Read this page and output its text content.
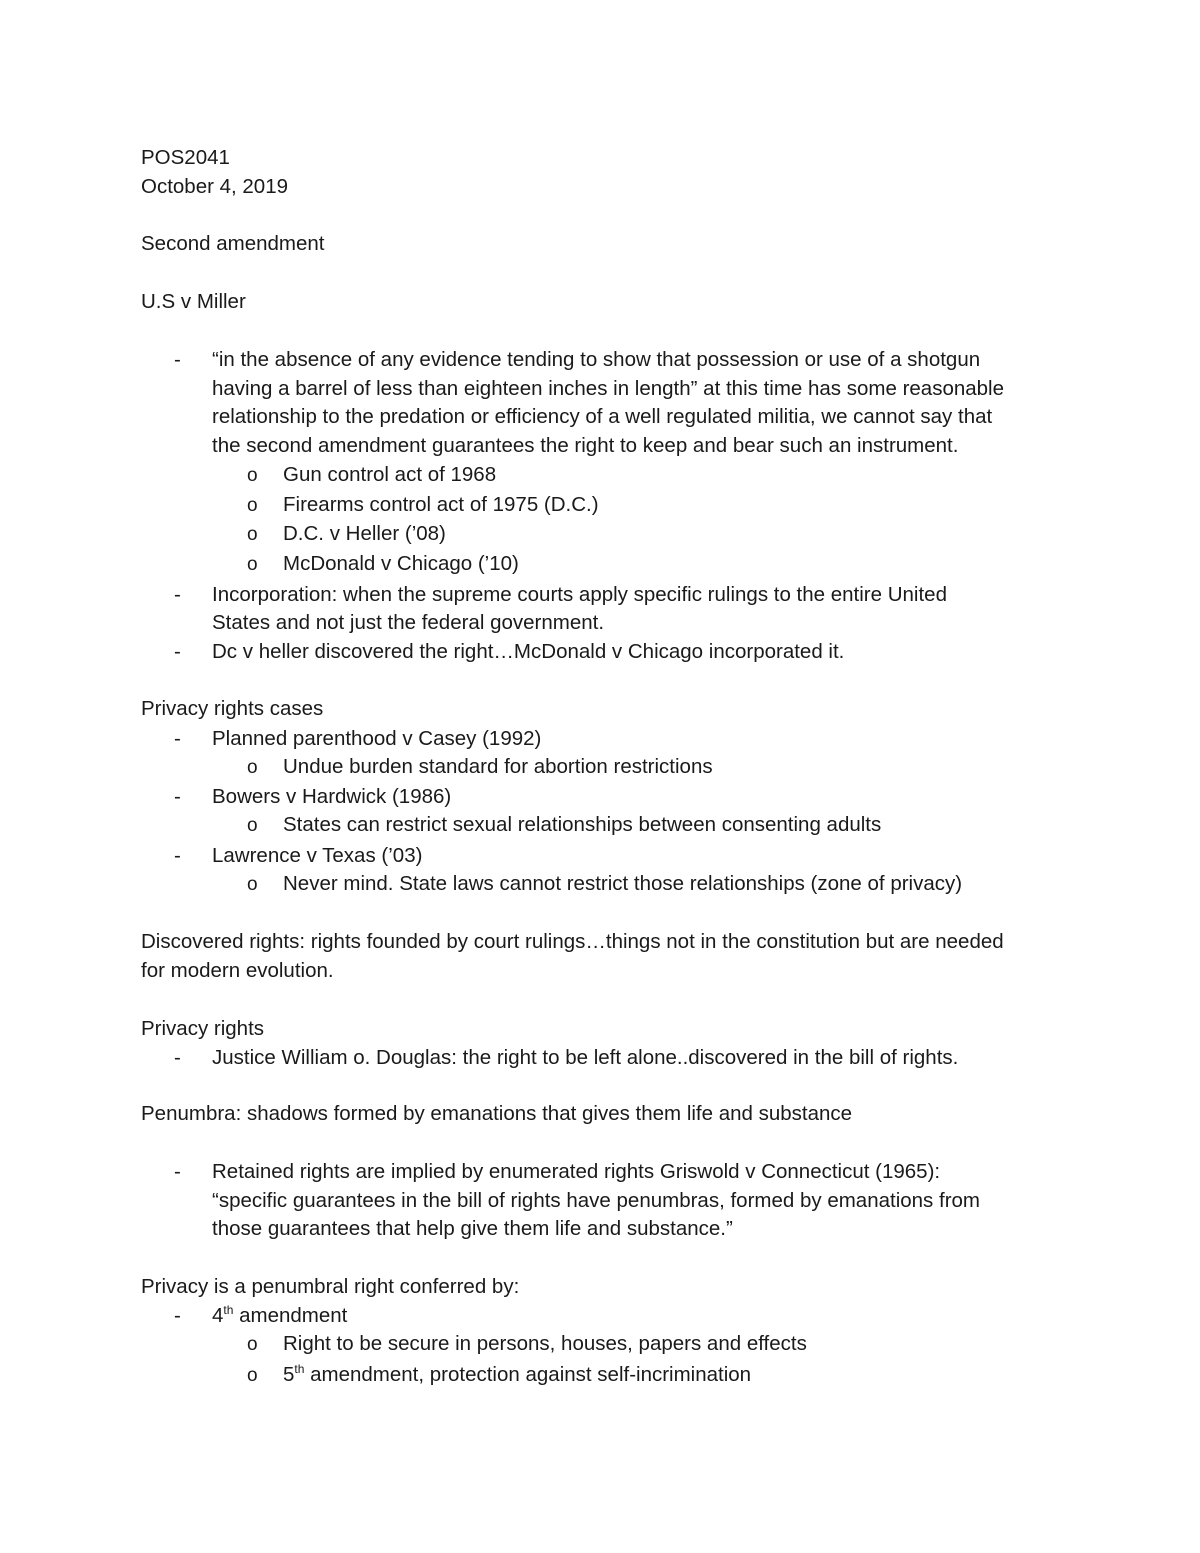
POS2041
October 4, 2019
Second amendment
U.S v Miller
- “in the absence of any evidence tending to show that possession or use of a shotgun
having a barrel of less than eighteen inches in length” at this time has some reasonable
relationship to the predation or efficiency of a well regulated militia, we cannot say that
the second amendment guarantees the right to keep and bear such an instrument.
o Gun control act of 1968
o Firearms control act of 1975 (D.C.)
o D.C. v Heller (’08)
o McDonald v Chicago (’10)
- Incorporation: when the supreme courts apply specific rulings to the entire United
States and not just the federal government.
- Dc v heller discovered the right…McDonald v Chicago incorporated it.
Privacy rights cases
- Planned parenthood v Casey (1992)
o Undue burden standard for abortion restrictions
- Bowers v Hardwick (1986)
o States can restrict sexual relationships between consenting adults
- Lawrence v Texas (’03)
o Never mind. State laws cannot restrict those relationships (zone of privacy)
Discovered rights: rights founded by court rulings…things not in the constitution but are needed
for modern evolution.
Privacy rights
- Justice William o. Douglas: the right to be left alone..discovered in the bill of rights.
Penumbra: shadows formed by emanations that gives them life and substance
- Retained rights are implied by enumerated rights Griswold v Connecticut (1965):
“specific guarantees in the bill of rights have penumbras, formed by emanations from
those guarantees that help give them life and substance.”
Privacy is a penumbral right conferred by:
- 4th amendment
o Right to be secure in persons, houses, papers and effects
o 5th amendment, protection against self-incrimination
